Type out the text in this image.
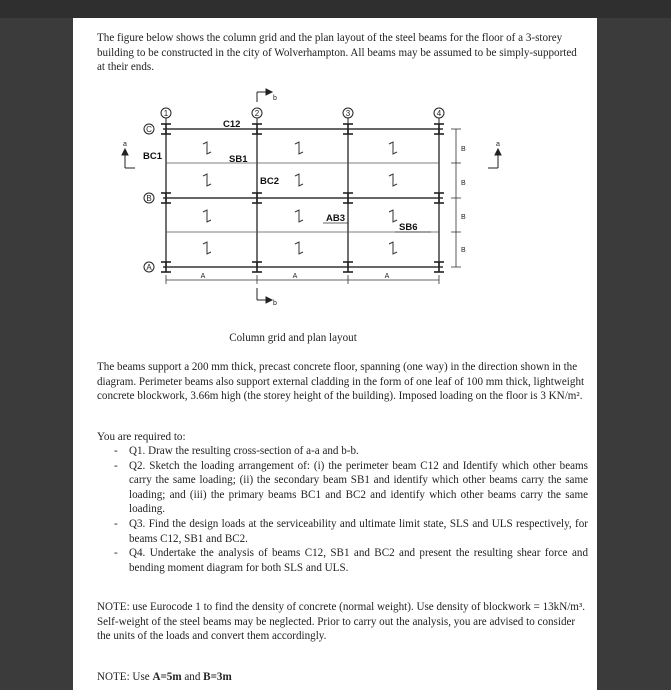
The figure below shows the column grid and the plan layout of the steel beams for the floor of a 3-storey building to be constructed in the city of Wolverhampton. All beams may be assumed to be simply-supported at their ends.
1	2	3	4
C
B
A
C12
BC1	SB1
BC2
AB3
SB6
a	a
b
b
A	A	A
B
B
B
B
Column grid and plan layout
The beams support a 200 mm thick, precast concrete floor, spanning (one way) in the direction shown in the diagram. Perimeter beams also support external cladding in the form of one leaf of 100 mm thick, lightweight concrete blockwork, 3.66m high (the storey height of the building). Imposed loading on the floor is 3 KN/m².
You are required to:
- Q1. Draw the resulting cross-section of a-a and b-b.
- Q2. Sketch the loading arrangement of: (i) the perimeter beam C12 and Identify which other beams carry the same loading; (ii) the secondary beam SB1 and identify which other beams carry the same loading; and (iii) the primary beams BC1 and BC2 and identify which other beams carry the same loading.
- Q3. Find the design loads at the serviceability and ultimate limit state, SLS and ULS respectively, for beams C12, SB1 and BC2.
- Q4. Undertake the analysis of beams C12, SB1 and BC2 and present the resulting shear force and bending moment diagram for both SLS and ULS.
NOTE: use Eurocode 1 to find the density of concrete (normal weight). Use density of blockwork = 13kN/m³. Self-weight of the steel beams may be neglected. Prior to carry out the analysis, you are advised to consider the units of the loads and convert them accordingly.
NOTE: Use A=5m and B=3m
